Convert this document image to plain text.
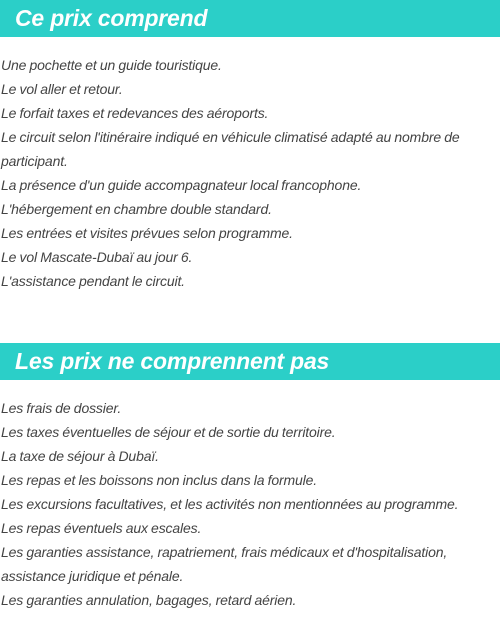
Ce prix comprend
Une pochette et un guide touristique.
Le vol aller et retour.
Le forfait taxes et redevances des aéroports.
Le circuit selon l'itinéraire indiqué en véhicule climatisé adapté au nombre de participant.
La présence d'un guide accompagnateur local francophone.
L'hébergement en chambre double standard.
Les entrées et visites prévues selon programme.
Le vol Mascate-Dubaï au jour 6.
L'assistance pendant le circuit.
Les prix ne comprennent pas
Les frais de dossier.
Les taxes éventuelles de séjour et de sortie du territoire.
La taxe de séjour à Dubaï.
Les repas et les boissons non inclus dans la formule.
Les excursions facultatives, et les activités non mentionnées au programme.
Les repas éventuels aux escales.
Les garanties assistance, rapatriement, frais médicaux et d'hospitalisation, assistance juridique et pénale.
Les garanties annulation, bagages, retard aérien.
